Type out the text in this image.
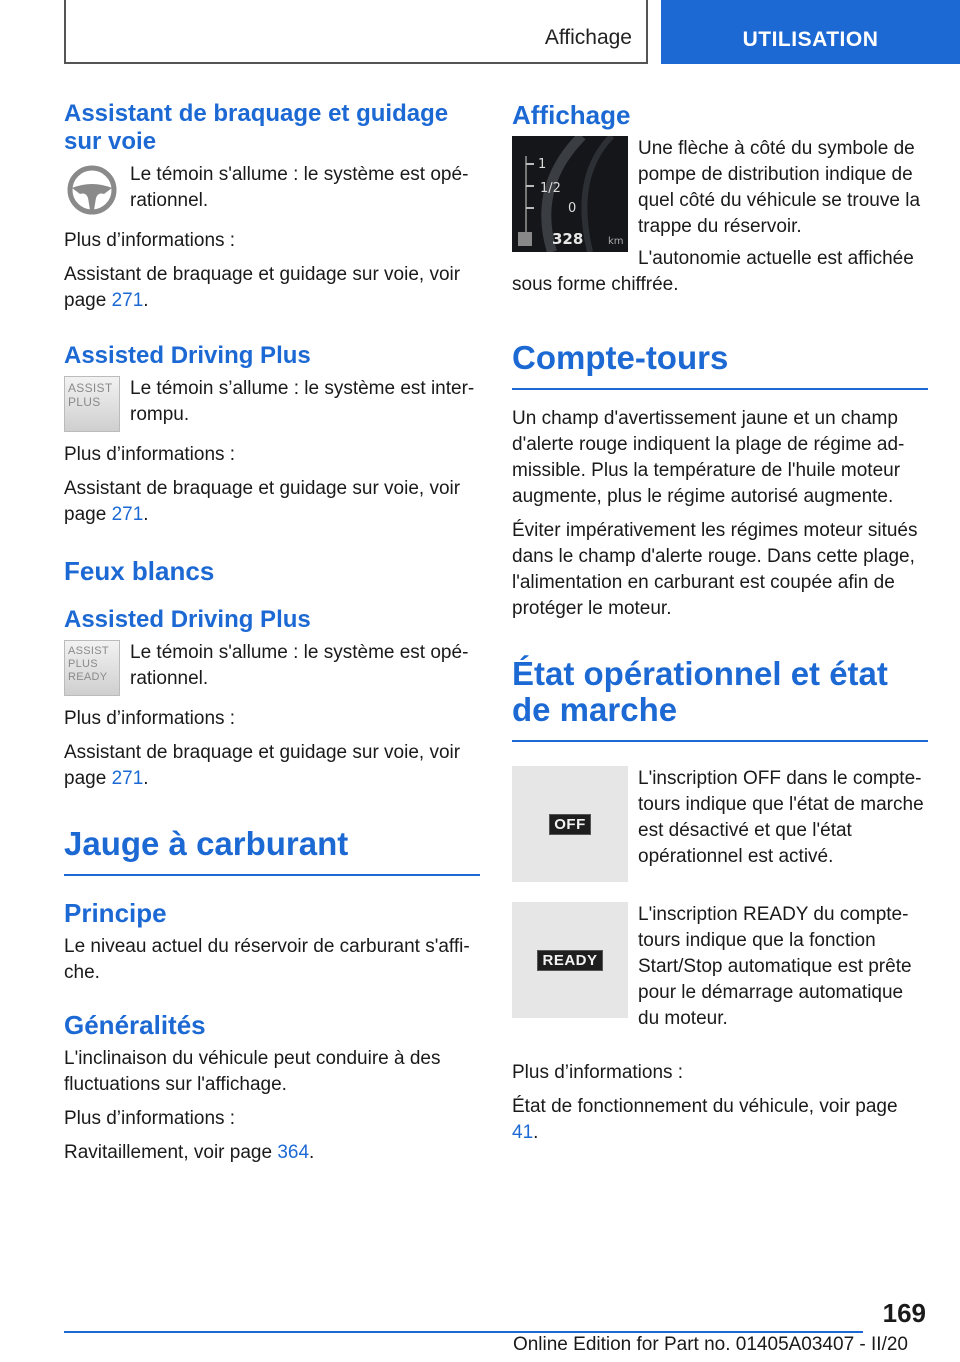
Affichage	UTILISATION
Assistant de braquage et guidage sur voie

Le témoin s'allume : le système est opé-rationnel.

Plus d’informations :

Assistant de braquage et guidage sur voie, voir page 271.

Assisted Driving Plus
ASSIST
PLUS

Le témoin s’allume : le système est inter-rompu.

Plus d’informations :

Assistant de braquage et guidage sur voie, voir page 271.

Feux blancs
Assisted Driving Plus
ASSIST
PLUS
READY

Le témoin s'allume : le système est opé-rationnel.

Plus d’informations :

Assistant de braquage et guidage sur voie, voir page 271.

Jauge à carburant
Principe

Le niveau actuel du réservoir de carburant s'affi-che.

Généralités

L'inclinaison du véhicule peut conduire à des fluctuations sur l'affichage.

Plus d’informations :

Ravitaillement, voir page 364.

Affichage
1
1/2
0
328 km

Une flèche à côté du symbole de pompe de distribution indique de quel côté du véhicule se trouve la trappe du réservoir.

L'autonomie actuelle est affichée sous forme chiffrée.

Compte-tours

Un champ d'avertissement jaune et un champ d'alerte rouge indiquent la plage de régime ad-missible. Plus la température de l'huile moteur augmente, plus le régime autorisé augmente.

Éviter impérativement les régimes moteur situés dans le champ d'alerte rouge. Dans cette plage, l'alimentation en carburant est coupée afin de protéger le moteur.

État opérationnel et état de marche
OFF

L'inscription OFF dans le compte-tours indique que l'état de marche est désactivé et que l'état opérationnel est activé.

READY

L'inscription READY du compte-tours indique que la fonction Start/Stop automatique est prête pour le démarrage automatique du moteur.

Plus d’informations :

État de fonctionnement du véhicule, voir page 41.

169
Online Edition for Part no. 01405A03407 - II/20
